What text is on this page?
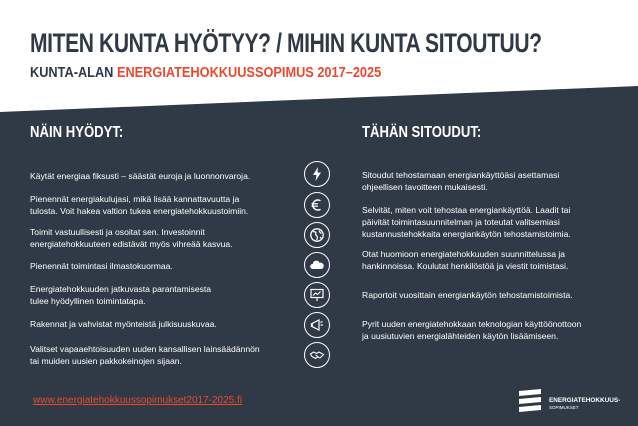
MITEN KUNTA HYÖTYY? / MIHIN KUNTA SITOUTUU?
KUNTA-ALAN ENERGIATEHOKKUUSSOPIMUS 2017–2025
NÄIN HYÖDYT:	TÄHÄN SITOUDUT:
Käytät energiaa fiksusti – säästät euroja ja luonnonvaroja.
Pienennät energiakulujasi, mikä lisää kannattavuutta ja
tulosta. Voit hakea valtion tukea energiatehokkuustoimiin.
Toimit vastuullisesti ja osoitat sen. Investoinnit
energiatehokkuuteen edistävät myös vihreää kasvua.
Pienennät toimintasi ilmastokuormaa.
Energiatehokkuuden jatkuvasta parantamisesta
tulee hyödyllinen toimintatapa.
Rakennat ja vahvistat myönteistä julkisuuskuvaa.
Valitset vapaaehtoisuuden uuden kansallisen lainsäädännön
tai muiden uusien pakkokeinojen sijaan.
Sitoudut tehostamaan energiankäyttöäsi asettamasi
ohjeellisen tavoitteen mukaisesti.
Selvität, miten voit tehostaa energiankäyttöä. Laadit tai
päivität toimintasuunnitelman ja toteutat valitsemiasi
kustannustehokkaita energiankäytön tehostamistoimia.
Otat huomioon energiatehokkuuden suunnittelussa ja
hankinnoissa. Koulutat henkilöstöä ja viestit toimistasi.
Raportoit vuosittain energiankäytön tehostamistoimista.
Pyrit uuden energiatehokkaan teknologian käyttöönottoon
ja uusiutuvien energialähteiden käytön lisäämiseen.
www.energiatehokkuussopimukset2017-2025.fi	ENERGIATEHOKKUUS-
SOPIMUKSET
